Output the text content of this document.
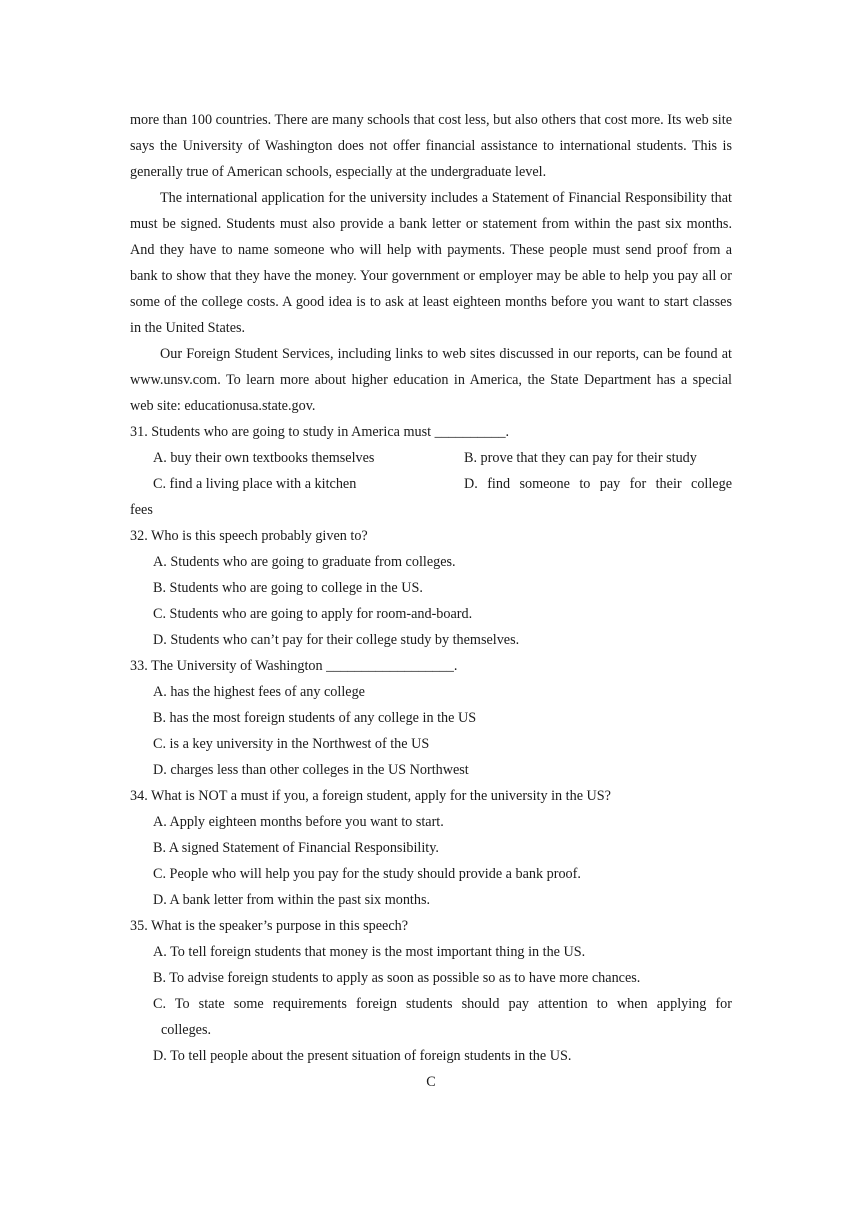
more than 100 countries. There are many schools that cost less, but also others that cost more. Its web site says the University of Washington does not offer financial assistance to international students. This is generally true of American schools, especially at the undergraduate level.

The international application for the university includes a Statement of Financial Responsibility that must be signed. Students must also provide a bank letter or statement from within the past six months. And they have to name someone who will help with payments. These people must send proof from a bank to show that they have the money. Your government or employer may be able to help you pay all or some of the college costs. A good idea is to ask at least eighteen months before you want to start classes in the United States.

Our Foreign Student Services, including links to web sites discussed in our reports, can be found at www.unsv.com. To learn more about higher education in America, the State Department has a special web site: educationusa.state.gov.

31. Students who are going to study in America must __________.

A. buy their own textbooks themselves	B. prove that they can pay for their study
C. find a living place with a kitchen	D. find someone to pay for their college

fees

32. Who is this speech probably given to?

A. Students who are going to graduate from colleges.

B. Students who are going to college in the US.

C. Students who are going to apply for room-and-board.

D. Students who can’t pay for their college study by themselves.

33. The University of Washington __________________.

A. has the highest fees of any college

B. has the most foreign students of any college in the US

C. is a key university in the Northwest of the US

D. charges less than other colleges in the US Northwest

34. What is NOT a must if you, a foreign student, apply for the university in the US?

A. Apply eighteen months before you want to start.

B. A signed Statement of Financial Responsibility.

C. People who will help you pay for the study should provide a bank proof.

D. A bank letter from within the past six months.

35. What is the speaker’s purpose in this speech?

A. To tell foreign students that money is the most important thing in the US.

B. To advise foreign students to apply as soon as possible so as to have more chances.

C. To state some requirements foreign students should pay attention to when applying for
colleges.

D. To tell people about the present situation of foreign students in the US.

C
